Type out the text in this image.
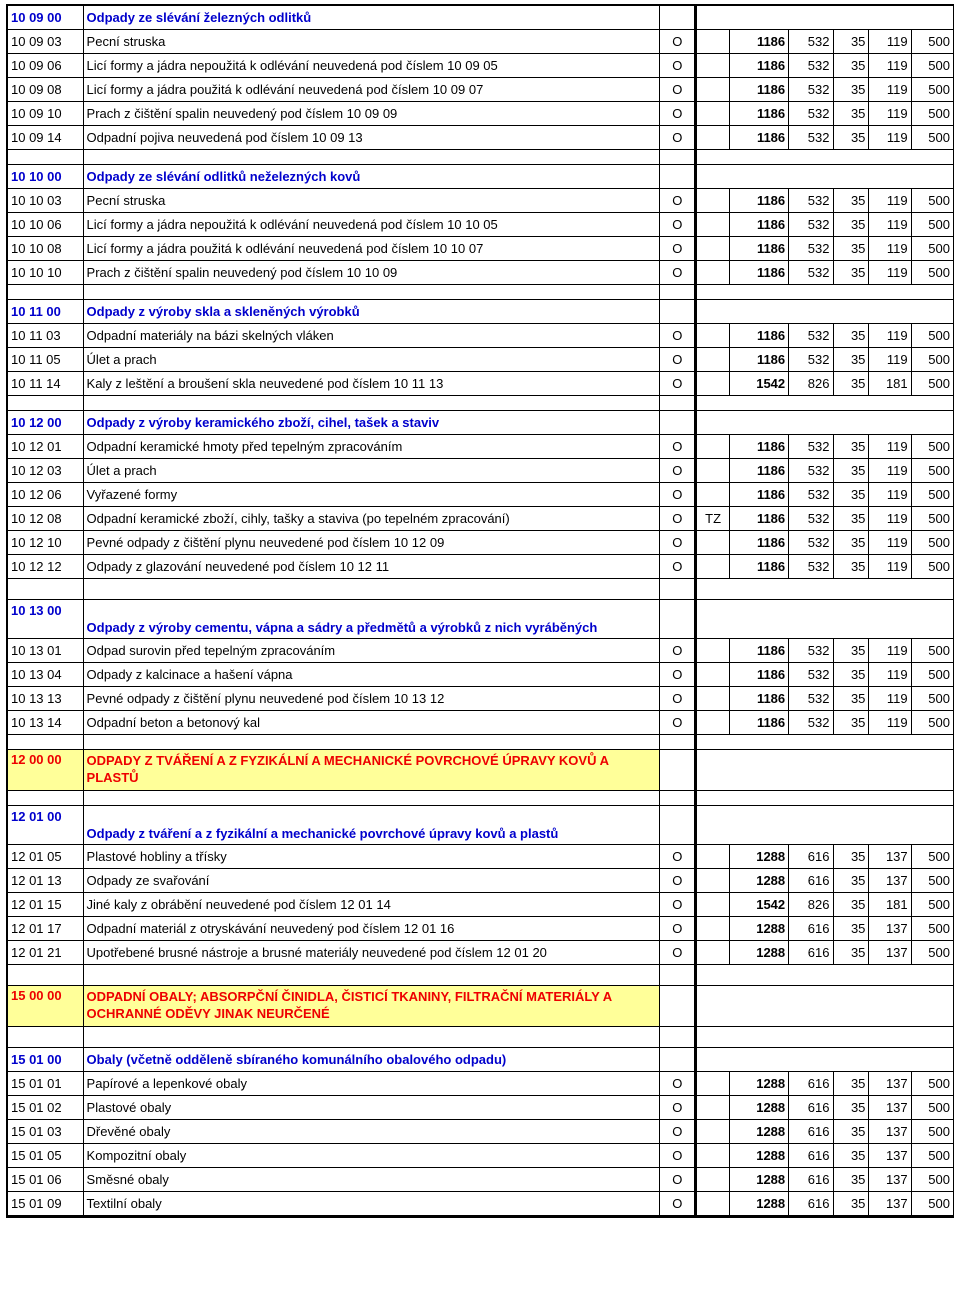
10 09 00	Odpady ze slévání železných odlitků							
10 09 03	Pecní struska	O		1186	532	35	119	500
10 09 06	Licí formy a jádra nepoužitá k odlévání neuvedená pod číslem 10 09 05	O		1186	532	35	119	500
10 09 08	Licí formy a jádra použitá k odlévání neuvedená pod číslem 10 09 07	O		1186	532	35	119	500
10 09 10	Prach z čištění spalin neuvedený pod číslem 10 09 09	O		1186	532	35	119	500
10 09 14	Odpadní pojiva neuvedená pod číslem 10 09 13	O		1186	532	35	119	500

10 10 00	Odpady ze slévání odlitků neželezných kovů							
10 10 03	Pecní struska	O		1186	532	35	119	500
10 10 06	Licí formy a jádra nepoužitá k odlévání neuvedená pod číslem 10 10 05	O		1186	532	35	119	500
10 10 08	Licí formy a jádra použitá k odlévání neuvedená pod číslem 10 10 07	O		1186	532	35	119	500
10 10 10	Prach z čištění spalin neuvedený pod číslem 10 10 09	O		1186	532	35	119	500

10 11 00	Odpady z výroby skla a skleněných výrobků							
10 11 03	Odpadní materiály na bázi skelných vláken	O		1186	532	35	119	500
10 11 05	Úlet a prach	O		1186	532	35	119	500
10 11 14	Kaly z leštění a broušení skla neuvedené pod číslem 10 11 13	O		1542	826	35	181	500

10 12 00	Odpady z výroby keramického zboží, cihel, tašek a staviv							
10 12 01	Odpadní keramické hmoty před tepelným zpracováním	O		1186	532	35	119	500
10 12 03	Úlet a prach	O		1186	532	35	119	500
10 12 06	Vyřazené formy	O		1186	532	35	119	500
10 12 08	Odpadní keramické zboží, cihly, tašky a staviva (po tepelném zpracování)	O	TZ	1186	532	35	119	500
10 12 10	Pevné odpady z čištění plynu neuvedené pod číslem 10 12 09	O		1186	532	35	119	500
10 12 12	Odpady z glazování neuvedené pod číslem 10 12 11	O		1186	532	35	119	500

10 13 00	Odpady z výroby cementu, vápna a sádry a předmětů a výrobků z nich vyráběných							
10 13 01	Odpad surovin před tepelným zpracováním	O		1186	532	35	119	500
10 13 04	Odpady z kalcinace a hašení vápna	O		1186	532	35	119	500
10 13 13	Pevné odpady z čištění plynu neuvedené pod číslem 10 13 12	O		1186	532	35	119	500
10 13 14	Odpadní beton a betonový kal	O		1186	532	35	119	500

12 00 00	ODPADY Z TVÁŘENÍ A Z FYZIKÁLNÍ A MECHANICKÉ POVRCHOVÉ ÚPRAVY KOVŮ A PLASTŮ							

12 01 00	Odpady z tváření a z fyzikální a mechanické povrchové úpravy kovů a plastů							
12 01 05	Plastové hobliny a třísky	O		1288	616	35	137	500
12 01 13	Odpady ze svařování	O		1288	616	35	137	500
12 01 15	Jiné kaly z obrábění neuvedené pod číslem 12 01 14	O		1542	826	35	181	500
12 01 17	Odpadní materiál z otryskávání neuvedený pod číslem 12 01 16	O		1288	616	35	137	500
12 01 21	Upotřebené brusné nástroje a brusné materiály neuvedené pod číslem 12 01 20	O		1288	616	35	137	500

15 00 00	ODPADNÍ OBALY; ABSORPČNÍ ČINIDLA, ČISTICÍ TKANINY, FILTRAČNÍ MATERIÁLY A OCHRANNÉ ODĚVY JINAK NEURČENÉ							

15 01 00	Obaly (včetně odděleně sbíraného komunálního obalového odpadu)							
15 01 01	Papírové a lepenkové obaly	O		1288	616	35	137	500
15 01 02	Plastové obaly	O		1288	616	35	137	500
15 01 03	Dřevěné obaly	O		1288	616	35	137	500
15 01 05	Kompozitní obaly	O		1288	616	35	137	500
15 01 06	Směsné obaly	O		1288	616	35	137	500
15 01 09	Textilní obaly	O		1288	616	35	137	500
